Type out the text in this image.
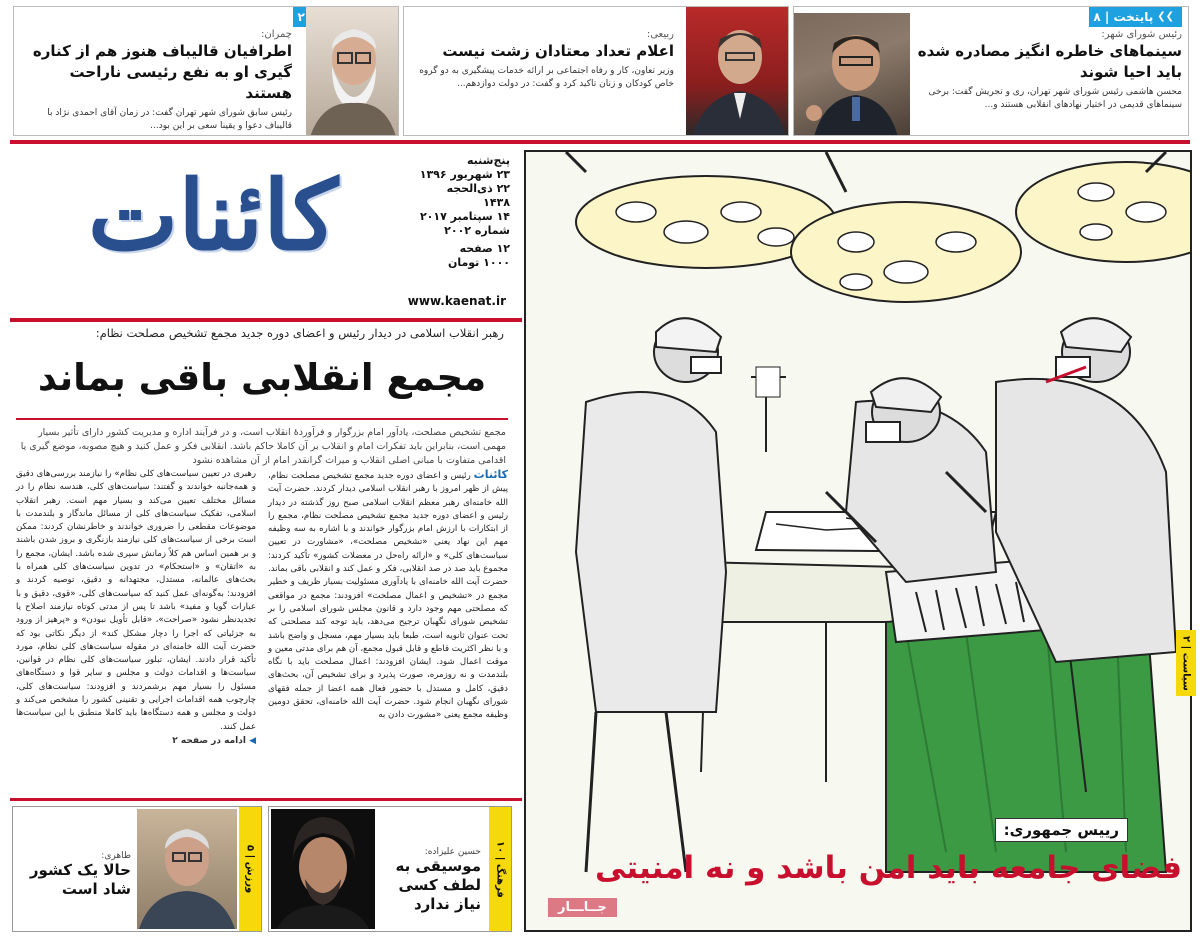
❯❯
پایتخت | ۸
رئیس شورای شهر:
سینماهای خاطره انگیز مصادره شده باید احیا شوند
محسن هاشمی رئیس شورای شهر تهران، ری و تجریش گفت: برخی سینماهای قدیمی در اختیار نهادهای انقلابی هستند و...
ربیعی:
اعلام تعداد معتادان زشت نیست
وزیر تعاون، کار و رفاه اجتماعی بر ارائه خدمات پیشگیری به دو گروه خاص کودکان و زنان تاکید کرد و گفت: در دولت دوازدهم...
۲
چمران:
اطرافیان قالیباف هنوز هم از کناره گیری او به نفع رئیسی ناراحت هستند
رئیس سابق شورای شهر تهران گفت: در زمان آقای احمدی نژاد با قالیباف دعوا و یقینا سعی بر این بود...
پنج‌شنبه
۲۳ شهریور ۱۳۹۶
۲۲ ذی‌الحجه ۱۴۳۸
۱۴ سپتامبر ۲۰۱۷
شماره ۲۰۰۲
۱۲ صفحه
۱۰۰۰ تومان
کائنات
www.kaenat.ir
رهبر انقلاب اسلامی در دیدار رئیس و اعضای دوره جدید مجمع تشخیص مصلحت نظام:
مجمع انقلابی باقی بماند
مجمع تشخیص مصلحت، یادآور امام بزرگوار و فرآوردهٔ انقلاب است، و در فرآیند اداره و مدیریت کشور دارای تأثیر بسیار مهمی است، بنابراین باید تفکرات امام و انقلاب بر آن کاملا حاکم باشد. انقلابی فکر و عمل کنید و هیچ مصوبه، موضع گیری یا اقدامی متفاوت با مبانی اصلی انقلاب و میراث گرانقدر امام از آن مشاهده نشود
کائنات رئیس و اعضای دوره جدید مجمع تشخیص مصلحت نظام، پیش از ظهر امروز با رهبر انقلاب اسلامی دیدار کردند. حضرت آیت الله خامنه‌ای رهبر معظم انقلاب اسلامی صبح روز گذشته در دیدار رئیس و اعضای دوره جدید مجمع تشخیص مصلحت نظام، مجمع را از ابتکارات با ارزش امام بزرگوار خواندند و با اشاره به سه وظیفه مهم این نهاد یعنی «تشخیص مصلحت»، «مشاورت در تعیین سیاست‌های کلی» و «ارائه راه‌حل در معضلات کشور» تأکید کردند: مجموع باید صد در صد انقلابی، فکر و عمل کند و انقلابی باقی بماند. حضرت آیت الله خامنه‌ای با یادآوری مسئولیت بسیار ظریف و خطیر مجمع در «تشخیص و اعمال مصلحت» افزودند: مجمع در مواقعی که مصلحتی مهم وجود دارد و قانون مجلس شورای اسلامی را بر تشخیص شورای نگهبان ترجیح می‌دهد، باید توجه کند مصلحتی که تحت عنوان ثانویه است، طبعا باید بسیار مهم، مسجل و واضح باشد و با نظر اکثریت قاطع و قابل قبول مجمع، آن هم برای مدتی معین و موقت اعمال شود. ایشان افزودند: اعمال مصلحت باید با نگاه بلندمدت و نه روزمره، صورت پذیرد و برای تشخیص آن، بحث‌های دقیق، کامل و مستدل با حضور فعال همه اعضا از جمله فقهای شورای نگهبان انجام شود. حضرت آیت الله خامنه‌ای، تحقق دومین وظیفه مجمع یعنی «مشورت دادن به
رهبری در تعیین سیاست‌های کلی نظام» را نیازمند بررسی‌های دقیق و همه‌جانبه خواندند و گفتند: سیاست‌های کلی، هندسه نظام را در مسائل مختلف تعیین می‌کند و بسیار مهم است. رهبر انقلاب اسلامی، تفکیک سیاست‌های کلی از مسائل ماندگار و بلندمدت با موضوعات مقطعی را ضروری خواندند و خاطرنشان کردند: ممکن است برخی از سیاست‌های کلی نیازمند بازنگری و بروز شدن باشند و بر همین اساس هم کلاً زمانش سپری شده باشد. ایشان، مجمع را به «اتقان» و «استحکام» در تدوین سیاست‌های کلی همراه با بحث‌های عالمانه، مستدل، مجتهدانه و دقیق، توصیه کردند و افزودند: به‌گونه‌ای عمل کنید که سیاست‌های کلی، «قوی، دقیق و با عبارات گویا و مفید» باشد تا پس از مدتی کوتاه نیازمند اصلاح یا تجدیدنظر نشود «صراحت»، «قابل تأویل نبودن» و «پرهیز از ورود به جزئیاتی که اجرا را دچار مشکل کند» از دیگر نکاتی بود که حضرت آیت الله خامنه‌ای در مقوله سیاست‌های کلی نظام، مورد تأکید قرار دادند. ایشان، تبلور سیاست‌های کلی نظام در قوانین، سیاست‌ها و اقدامات دولت و مجلس و سایر قوا و دستگاه‌های مسئول را بسیار مهم برشمردند و افزودند: سیاست‌های کلی، چارچوب همه اقدامات اجرایی و تقنینی کشور را مشخص می‌کند و دولت و مجلس و همه دستگاه‌ها باید کاملا منطبق با این سیاست‌ها عمل کنند.
◀ ادامه در صفحه ۲
فرهنگ | ۱۰
حسین علیزاده:
موسیقی به لطف کسی نیاز ندارد
ورزش | ۵
طاهری:
حالا یک کشور شاد است
سیاست | ۲
رییس جمهوری:
فضای جامعه باید امن باشد و نه امنیتی
جــاـــار
